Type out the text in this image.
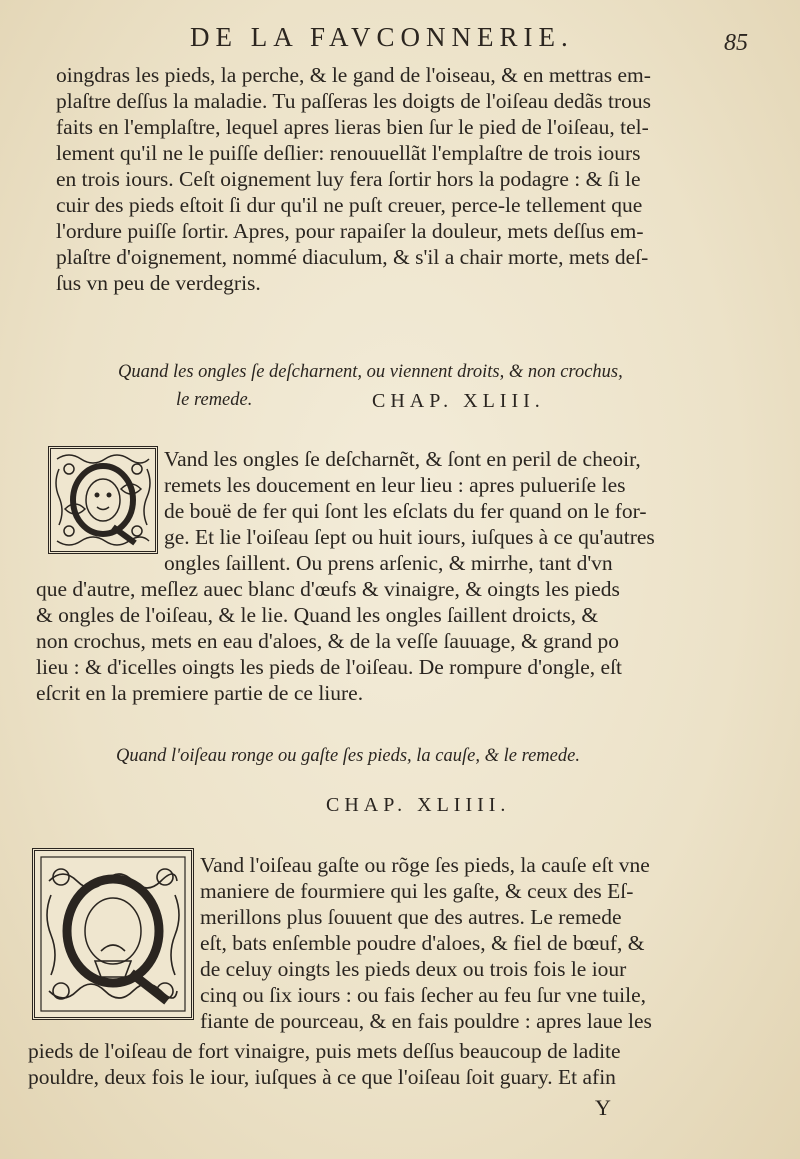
DE LA FAVCONNERIE.	85
oingdras les pieds, la perche, & le gand de l'oiseau, & en mettras em-
plaſtre deſſus la maladie. Tu paſſeras les doigts de l'oiſeau dedãs trous
faits en l'emplaſtre, lequel apres lieras bien ſur le pied de l'oiſeau, tel-
lement qu'il ne le puiſſe deſlier: renouuellãt l'emplaſtre de trois iours
en trois iours. Ceſt oignement luy fera ſortir hors la podagre : & ſi le
cuir des pieds eſtoit ſi dur qu'il ne puſt creuer, perce-le tellement que
l'ordure puiſſe ſortir. Apres, pour rapaiſer la douleur, mets deſſus em-
plaſtre d'oignement, nommé diaculum, & s'il a chair morte, mets deſ-
ſus vn peu de verdegris.
Quand les ongles ſe deſcharnent, ou viennent droits, & non crochus,
le remede.	CHAP. XLIII.
Vand les ongles ſe deſcharnẽt, & ſont en peril de cheoir,
remets les doucement en leur lieu : apres pulueriſe les
de bouë de fer qui ſont les eſclats du fer quand on le for-
ge. Et lie l'oiſeau ſept ou huit iours, iuſques à ce qu'autres
ongles ſaillent. Ou prens arſenic, & mirrhe, tant d'vn
que d'autre, meſlez auec blanc d'œufs & vinaigre, & oingts les pieds
& ongles de l'oiſeau, & le lie. Quand les ongles ſaillent droicts, &
non crochus, mets en eau d'aloes, & de la veſſe ſauuage, & grand po
lieu : & d'icelles oingts les pieds de l'oiſeau. De rompure d'ongle, eſt
eſcrit en la premiere partie de ce liure.
Quand l'oiſeau ronge ou gaſte ſes pieds, la cauſe, & le remede.
CHAP. XLIIII.
Vand l'oiſeau gaſte ou rõge ſes pieds, la cauſe eſt vne
maniere de fourmiere qui les gaſte, & ceux des Eſ-
merillons plus ſouuent que des autres. Le remede
eſt, bats enſemble poudre d'aloes, & fiel de bœuf, &
de celuy oingts les pieds deux ou trois fois le iour
cinq ou ſix iours : ou fais ſecher au feu ſur vne tuile,
fiante de pourceau, & en fais pouldre : apres laue les
pieds de l'oiſeau de fort vinaigre, puis mets deſſus beaucoup de ladite
pouldre, deux fois le iour, iuſques à ce que l'oiſeau ſoit guary. Et afin
Y
